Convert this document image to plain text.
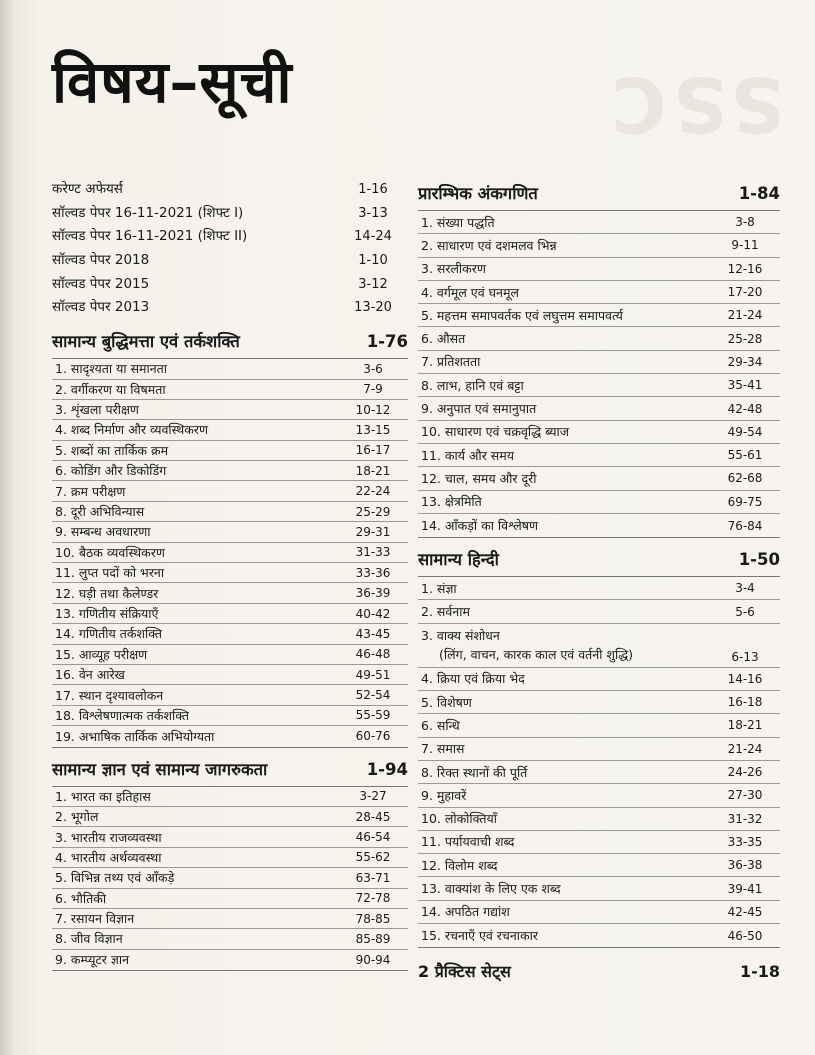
SSC
विषय–सूची
करेण्ट अफेयर्स	1-16
सॉल्वड पेपर 16-11-2021 (शिफ्ट I)	3-13
सॉल्वड पेपर 16-11-2021 (शिफ्ट II)	14-24
सॉल्वड पेपर 2018	1-10
सॉल्वड पेपर 2015	3-12
सॉल्वड पेपर 2013	13-20
सामान्य बुद्धिमत्ता एवं तर्कशक्ति	1-76
1. सादृश्यता या समानता	3-6
2. वर्गीकरण या विषमता	7-9
3. शृंखला परीक्षण	10-12
4. शब्द निर्माण और व्यवस्थिकरण	13-15
5. शब्दों का तार्किक क्रम	16-17
6. कोडिंग और डिकोडिंग	18-21
7. क्रम परीक्षण	22-24
8. दूरी अभिविन्यास	25-29
9. सम्बन्ध अवधारणा	29-31
10. बैठक व्यवस्थिकरण	31-33
11. लुप्त पदों को भरना	33-36
12. घड़ी तथा कैलेण्डर	36-39
13. गणितीय संक्रियाएँ	40-42
14. गणितीय तर्कशक्ति	43-45
15. आव्यूह परीक्षण	46-48
16. वेन आरेख	49-51
17. स्थान दृश्यावलोकन	52-54
18. विश्लेषणात्मक तर्कशक्ति	55-59
19. अभाषिक तार्किक अभियोग्यता	60-76
सामान्य ज्ञान एवं सामान्य जागरुकता	1-94
1. भारत का इतिहास	3-27
2. भूगोल	28-45
3. भारतीय राजव्यवस्था	46-54
4. भारतीय अर्थव्यवस्था	55-62
5. विभिन्न तथ्य एवं आँकड़े	63-71
6. भौतिकी	72-78
7. रसायन विज्ञान	78-85
8. जीव विज्ञान	85-89
9. कम्प्यूटर ज्ञान	90-94
प्रारम्भिक अंकगणित	1-84
1. संख्या पद्धति	3-8
2. साधारण एवं दशमलव भिन्न	9-11
3. सरलीकरण	12-16
4. वर्गमूल एवं घनमूल	17-20
5. महत्तम समापवर्तक एवं लघुत्तम समापवर्त्य	21-24
6. औसत	25-28
7. प्रतिशतता	29-34
8. लाभ, हानि एवं बट्टा	35-41
9. अनुपात एवं समानुपात	42-48
10. साधारण एवं चक्रवृद्धि ब्याज	49-54
11. कार्य और समय	55-61
12. चाल, समय और दूरी	62-68
13. क्षेत्रमिति	69-75
14. आँकड़ों का विश्लेषण	76-84
सामान्य हिन्दी	1-50
1. संज्ञा	3-4
2. सर्वनाम	5-6
3. वाक्य संशोधन
(लिंग, वाचन, कारक काल एवं वर्तनी शुद्धि)	6-13
4. क्रिया एवं क्रिया भेद	14-16
5. विशेषण	16-18
6. सन्धि	18-21
7. समास	21-24
8. रिक्त स्थानों की पूर्ति	24-26
9. मुहावरें	27-30
10. लोकोक्तियाँ	31-32
11. पर्यायवाची शब्द	33-35
12. विलोम शब्द	36-38
13. वाक्यांश के लिए एक शब्द	39-41
14. अपठित गद्यांश	42-45
15. रचनाएँ एवं रचनाकार	46-50
2 प्रैक्टिस सेट्स	1-18
